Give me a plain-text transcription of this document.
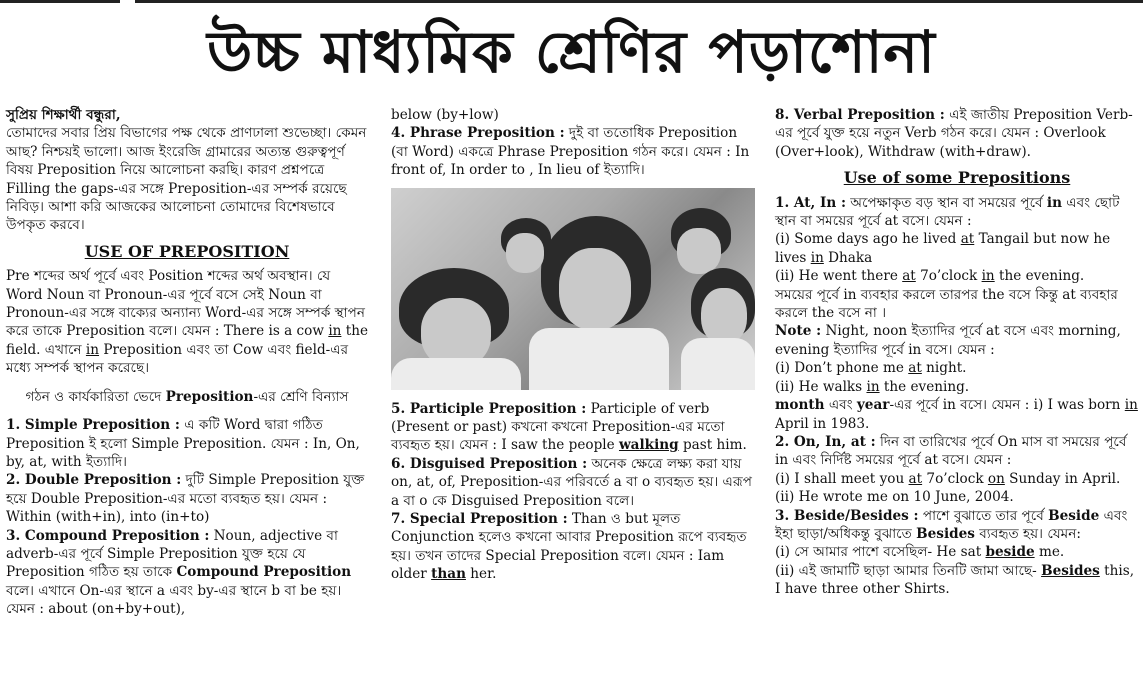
উচ্চ মাধ্যমিক শ্রেণির পড়াশোনা

সুপ্রিয় শিক্ষার্থী বন্ধুরা,

তোমাদের সবার প্রিয় বিভাগের পক্ষ থেকে প্রাণঢালা শুভেচ্ছা। কেমন আছ? নিশ্চয়ই ভালো। আজ ইংরেজি গ্রামারের অত্যন্ত গুরুত্বপূর্ণ বিষয় Preposition নিয়ে আলোচনা করছি। কারণ প্রশ্নপত্রে Filling the gaps-এর সঙ্গে Preposition-এর সম্পর্ক রয়েছে নিবিড়। আশা করি আজকের আলোচনা তোমাদের বিশেষভাবে উপকৃত করবে।

USE OF PREPOSITION

Pre শব্দের অর্থ পূর্বে এবং Position শব্দের অর্থ অবস্থান। যে Word Noun বা Pronoun-এর পূর্বে বসে সেই Noun বা Pronoun-এর সঙ্গে বাক্যের অন্যান্য Word-এর সঙ্গে সম্পর্ক স্থাপন করে তাকে Preposition বলে। যেমন : There is a cow in the field. এখানে in Preposition এবং তা Cow এবং field-এর মধ্যে সম্পর্ক স্থাপন করেছে।

গঠন ও কার্যকারিতা ভেদে Preposition-এর শ্রেণি বিন্যাস

1. Simple Preposition : এ কটি Word দ্বারা গঠিত Preposition ই হলো Simple Preposition. যেমন : In, On, by, at, with ইত্যাদি।

2. Double Preposition : দুটি Simple Preposition যুক্ত হয়ে Double Preposition-এর মতো ব্যবহৃত হয়। যেমন : Within (with+in), into (in+to)

3. Compound Preposition : Noun, adjective বা adverb-এর পূর্বে Simple Preposition যুক্ত হয়ে যে Preposition গঠিত হয় তাকে Compound Preposition বলে। এখানে On-এর স্থানে a এবং by-এর স্থানে b বা be হয়। যেমন : about (on+by+out),

below (by+low)

4. Phrase Preposition : দুই বা ততোধিক Preposition (বা Word) একত্রে Phrase Preposition গঠন করে। যেমন : In front of, In order to , In lieu of ইত্যাদি।

5. Participle Preposition : Participle of verb (Present or past) কখনো কখনো Preposition-এর মতো ব্যবহৃত হয়। যেমন : I saw the people walking past him.

6. Disguised Preposition : অনেক ক্ষেত্রে লক্ষ্য করা যায় on, at, of, Preposition-এর পরিবর্তে a বা o ব্যবহৃত হয়। এরূপ a বা o কে Disguised Preposition বলে।

7. Special Preposition : Than ও but মূলত Conjunction হলেও কখনো আবার Preposition রূপে ব্যবহৃত হয়। তখন তাদের Special Preposition বলে। যেমন : Iam older than her.

8. Verbal Preposition : এই জাতীয় Preposition Verb-এর পূর্বে যুক্ত হয়ে নতুন Verb গঠন করে। যেমন : Overlook (Over+look), Withdraw (with+draw).

Use of some Prepositions

1. At, In : অপেক্ষাকৃত বড় স্থান বা সময়ের পূর্বে in এবং ছোট স্থান বা সময়ের পূর্বে at বসে। যেমন :

(i) Some days ago he lived at Tangail but now he lives in Dhaka

(ii) He went there at 7o’clock in the evening.

সময়ের পূর্বে in ব্যবহার করলে তারপর the বসে কিন্তু at ব্যবহার করলে the বসে না ।

Note : Night, noon ইত্যাদির পূর্বে at বসে এবং morning, evening ইত্যাদির পূর্বে in বসে। যেমন :

(i) Don’t phone me at night.

(ii) He walks in the evening.

month এবং year-এর পূর্বে in বসে। যেমন : i) I was born in April in 1983.

2. On, In, at : দিন বা তারিখের পূর্বে On মাস বা সময়ের পূর্বে in এবং নির্দিষ্ট সময়ের পূর্বে at বসে। যেমন :

(i) I shall meet you at 7o’clock on Sunday in April.

(ii) He wrote me on 10 June, 2004.

3. Beside/Besides : পাশে বুঝাতে তার পূর্বে Beside এবং ইহা ছাড়া/অধিকন্তু বুঝাতে Besides ব্যবহৃত হয়। যেমন:

(i) সে আমার পাশে বসেছিল- He sat beside me.

(ii) এই জামাটি ছাড়া আমার তিনটি জামা আছে- Besides this, I have three other Shirts.
